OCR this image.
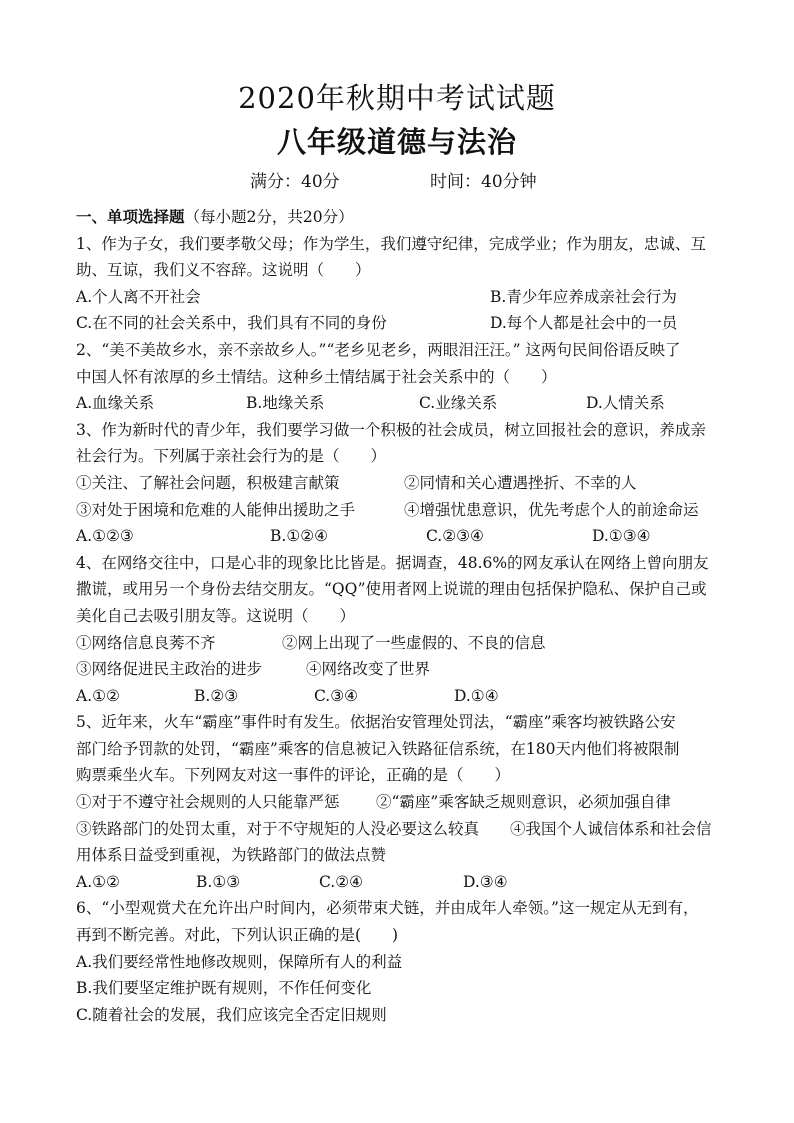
2020年秋期中考试试题
八年级道德与法治
满分：40分	时间：40分钟
一、单项选择题（每小题2分，共20分）
1、作为子女，我们要孝敬父母；作为学生，我们遵守纪律，完成学业；作为朋友，忠诚、互
助、互谅，我们义不容辞。这说明（　　）
A.个人离不开社会	B.青少年应养成亲社会行为
C.在不同的社会关系中，我们具有不同的身份	D.每个人都是社会中的一员
2、“美不美故乡水，亲不亲故乡人。”“老乡见老乡，两眼泪汪汪。” 这两句民间俗语反映了
中国人怀有浓厚的乡土情结。这种乡土情结属于社会关系中的（　　）
A.血缘关系	B.地缘关系	C.业缘关系	D.人情关系
3、作为新时代的青少年，我们要学习做一个积极的社会成员，树立回报社会的意识，养成亲
社会行为。下列属于亲社会行为的是（　　）
①关注、了解社会问题，积极建言献策	②同情和关心遭遇挫折、不幸的人
③对处于困境和危难的人能伸出援助之手	④增强忧患意识，优先考虑个人的前途命运
A.①②③	B.①②④	C.②③④	D.①③④
4、在网络交往中，口是心非的现象比比皆是。据调查，48.6%的网友承认在网络上曾向朋友
撒谎，或用另一个身份去结交朋友。“QQ”使用者网上说谎的理由包括保护隐私、保护自己或
美化自己去吸引朋友等。这说明（　　）
①网络信息良莠不齐	②网上出现了一些虚假的、不良的信息
③网络促进民主政治的进步	④网络改变了世界
A.①②	B.②③	C.③④	D.①④
5、近年来，火车“霸座”事件时有发生。依据治安管理处罚法，“霸座”乘客均被铁路公安
部门给予罚款的处罚，“霸座”乘客的信息被记入铁路征信系统，在180天内他们将被限制
购票乘坐火车。下列网友对这一事件的评论，正确的是（　　）
①对于不遵守社会规则的人只能靠严惩 ②“霸座”乘客缺乏规则意识，必须加强自律
③铁路部门的处罚太重，对于不守规矩的人没必要这么较真 ④我国个人诚信体系和社会信
用体系日益受到重视，为铁路部门的做法点赞
A.①②	B.①③	C.②④	D.③④
6、“小型观赏犬在允许出户时间内，必须带束犬链，并由成年人牵领。”这一规定从无到有，
再到不断完善。对此，下列认识正确的是(　　)
A.我们要经常性地修改规则，保障所有人的利益
B.我们要坚定维护既有规则，不作任何变化
C.随着社会的发展，我们应该完全否定旧规则
